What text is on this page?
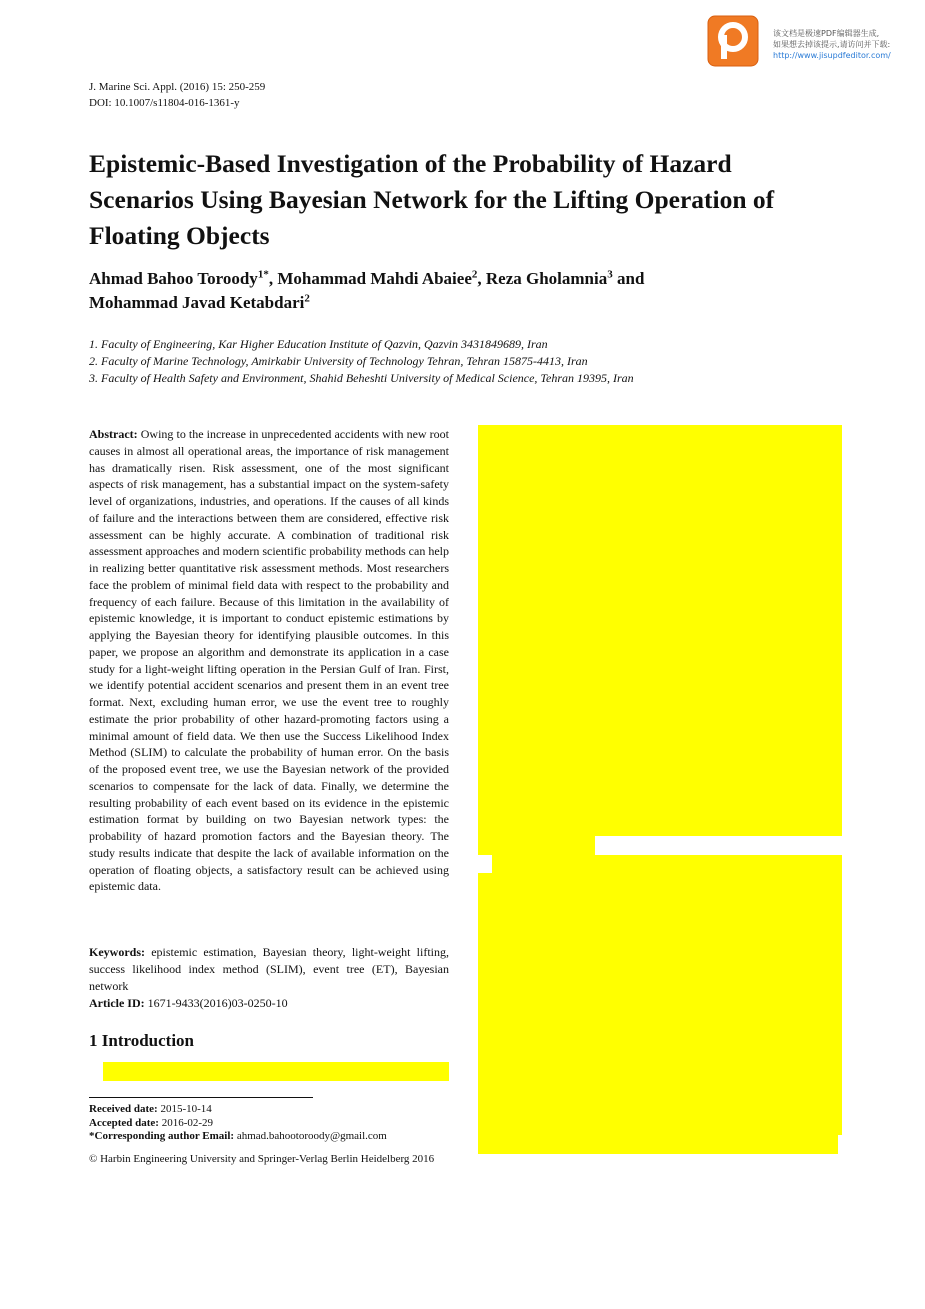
该文档是极速PDF编辑器生成,
如果想去掉该提示,请访问并下载:
http://www.jisupdfeditor.com/
J. Marine Sci. Appl. (2016) 15: 250-259
DOI: 10.1007/s11804-016-1361-y
Epistemic-Based Investigation of the Probability of Hazard Scenarios Using Bayesian Network for the Lifting Operation of Floating Objects

Ahmad Bahoo Toroody$^{1*}$, Mohammad Mahdi Abaiee$^2$, Reza Gholamnia$^3$ and
Mohammad Javad Ketabdari$^2$

1. Faculty of Engineering, Kar Higher Education Institute of Qazvin, Qazvin 3431849689, Iran
2. Faculty of Marine Technology, Amirkabir University of Technology Tehran, Tehran 15875-4413, Iran
3. Faculty of Health Safety and Environment, Shahid Beheshti University of Medical Science, Tehran 19395, Iran

Abstract: Owing to the increase in unprecedented accidents with new root causes in almost all operational areas, the importance of risk management has dramatically risen. Risk assessment, one of the most significant aspects of risk management, has a substantial impact on the system-safety level of organizations, industries, and operations. If the causes of all kinds of failure and the interactions between them are considered, effective risk assessment can be highly accurate. A combination of traditional risk assessment approaches and modern scientific probability methods can help in realizing better quantitative risk assessment methods. Most researchers face the problem of minimal field data with respect to the probability and frequency of each failure. Because of this limitation in the availability of epistemic knowledge, it is important to conduct epistemic estimations by applying the Bayesian theory for identifying plausible outcomes. In this paper, we propose an algorithm and demonstrate its application in a case study for a light-weight lifting operation in the Persian Gulf of Iran. First, we identify potential accident scenarios and present them in an event tree format. Next, excluding human error, we use the event tree to roughly estimate the prior probability of other hazard-promoting factors using a minimal amount of field data. We then use the Success Likelihood Index Method (SLIM) to calculate the probability of human error. On the basis of the proposed event tree, we use the Bayesian network of the provided scenarios to compensate for the lack of data. Finally, we determine the resulting probability of each event based on its evidence in the epistemic estimation format by building on two Bayesian network types: the probability of hazard promotion factors and the Bayesian theory. The study results indicate that despite the lack of available information on the operation of floating objects, a satisfactory result can be achieved using epistemic data.

Keywords: epistemic estimation, Bayesian theory, light-weight lifting, success likelihood index method (SLIM), event tree (ET), Bayesian network

Article ID: 1671-9433(2016)03-0250-10
1 Introduction
Received date: 2015-10-14
Accepted date: 2016-02-29
*Corresponding author Email: ahmad.bahootoroody@gmail.com
© Harbin Engineering University and Springer-Verlag Berlin Heidelberg 2016
